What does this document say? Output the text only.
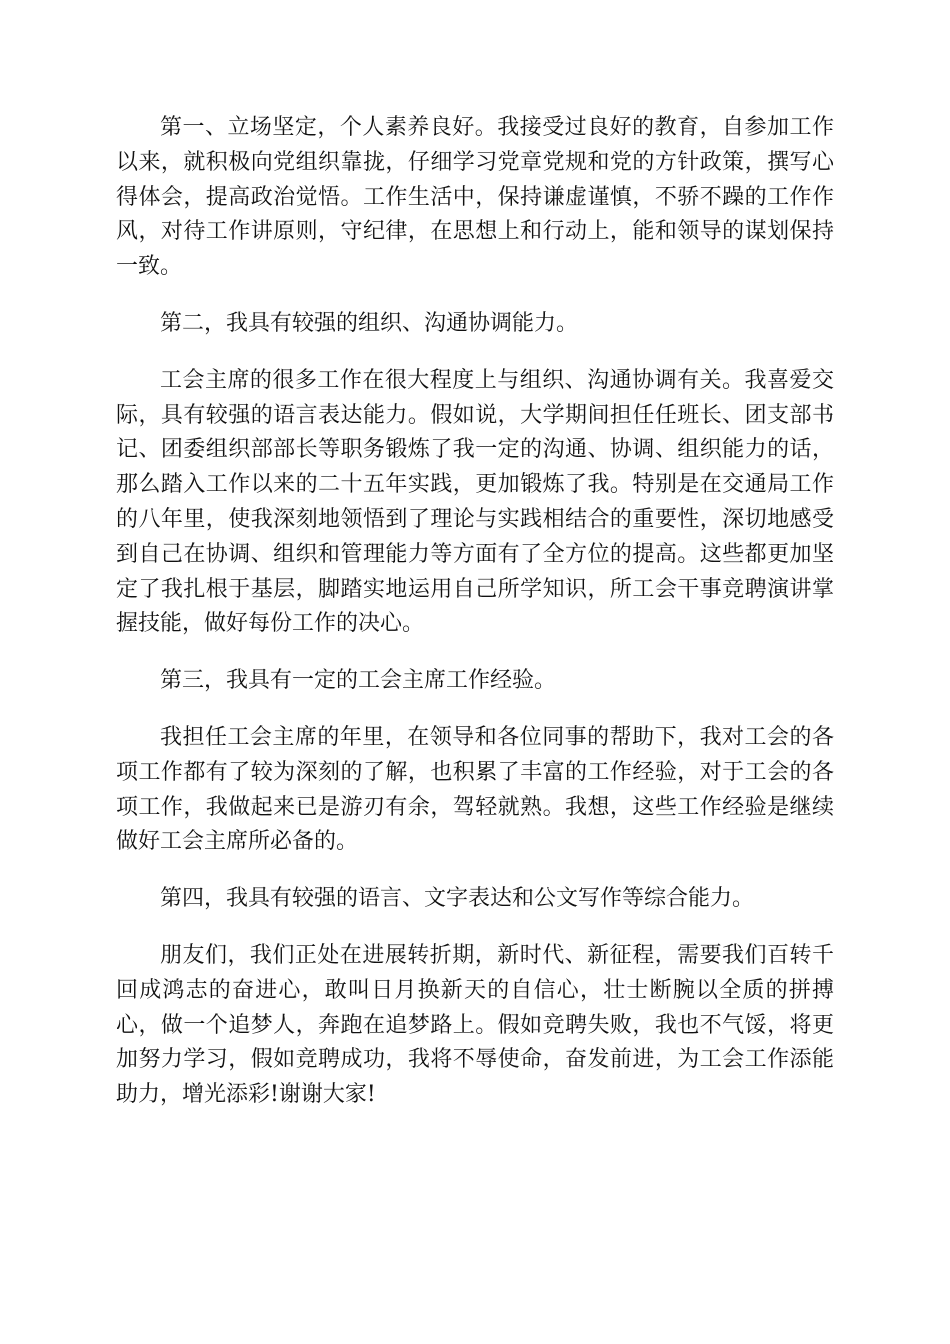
第一、立场坚定，个人素养良好。我接受过良好的教育，自参加工作以来，就积极向党组织靠拢，仔细学习党章党规和党的方针政策，撰写心得体会，提高政治觉悟。工作生活中，保持谦虚谨慎，不骄不躁的工作作风，对待工作讲原则，守纪律，在思想上和行动上，能和领导的谋划保持一致。

第二，我具有较强的组织、沟通协调能力。

工会主席的很多工作在很大程度上与组织、沟通协调有关。我喜爱交际，具有较强的语言表达能力。假如说，大学期间担任任班长、团支部书记、团委组织部部长等职务锻炼了我一定的沟通、协调、组织能力的话，那么踏入工作以来的二十五年实践，更加锻炼了我。特别是在交通局工作的八年里，使我深刻地领悟到了理论与实践相结合的重要性，深切地感受到自己在协调、组织和管理能力等方面有了全方位的提高。这些都更加坚定了我扎根于基层，脚踏实地运用自己所学知识，所工会干事竞聘演讲掌握技能，做好每份工作的决心。

第三，我具有一定的工会主席工作经验。

我担任工会主席的年里，在领导和各位同事的帮助下，我对工会的各项工作都有了较为深刻的了解，也积累了丰富的工作经验，对于工会的各项工作，我做起来已是游刃有余，驾轻就熟。我想，这些工作经验是继续做好工会主席所必备的。

第四，我具有较强的语言、文字表达和公文写作等综合能力。

朋友们，我们正处在进展转折期，新时代、新征程，需要我们百转千回成鸿志的奋进心，敢叫日月换新天的自信心，壮士断腕以全质的拼搏心，做一个追梦人，奔跑在追梦路上。假如竞聘失败，我也不气馁，将更加努力学习，假如竞聘成功，我将不辱使命，奋发前进，为工会工作添能助力，增光添彩!谢谢大家!
